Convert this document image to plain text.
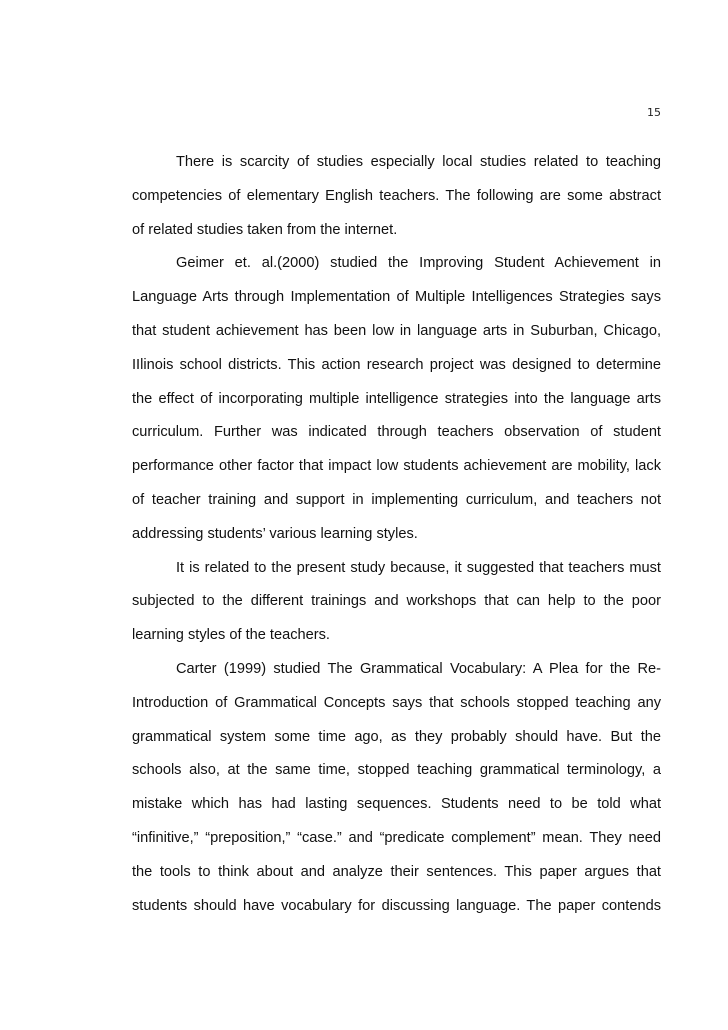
15
There is scarcity of studies especially local studies related to teaching
competencies of elementary English teachers. The following are some abstract
of related studies taken from the internet.
Geimer et. al.(2000) studied the Improving Student Achievement in
Language Arts through Implementation of Multiple Intelligences Strategies says
that student achievement has been low in language arts in Suburban, Chicago,
IIlinois school districts. This action research project was designed to determine
the effect of incorporating multiple intelligence strategies into the language arts
curriculum. Further was indicated through teachers observation of student
performance other factor that impact low students achievement are mobility, lack
of teacher training and support in implementing curriculum, and teachers not
addressing students’ various learning styles.
It is related to the present study because, it suggested that teachers must
subjected to the different trainings and workshops that can help to the poor
learning styles of the teachers.
Carter (1999) studied The Grammatical Vocabulary: A Plea for the Re-
Introduction of Grammatical Concepts says that schools stopped teaching any
grammatical system some time ago, as they probably should have. But the
schools also, at the same time, stopped teaching grammatical terminology, a
mistake which has had lasting sequences. Students need to be told what
“infinitive,” “preposition,” “case.” and “predicate complement” mean. They need
the tools to think about and analyze their sentences. This paper argues that
students should have vocabulary for discussing language. The paper contends
